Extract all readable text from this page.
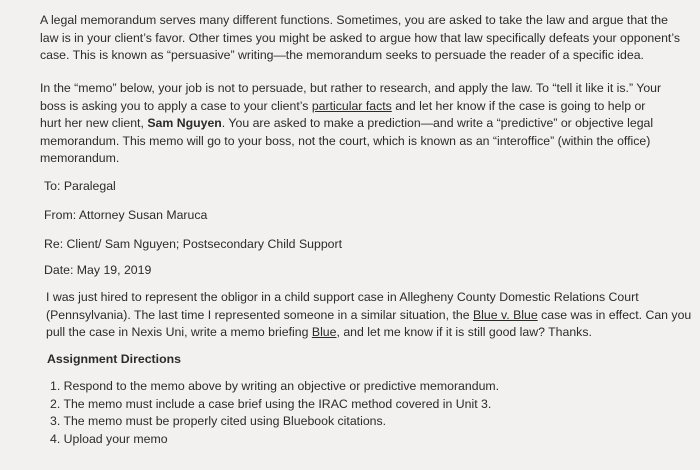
A legal memorandum serves many different functions. Sometimes, you are asked to take the law and argue that the
law is in your client’s favor. Other times you might be asked to argue how that law specifically defeats your opponent’s
case. This is known as “persuasive” writing—the memorandum seeks to persuade the reader of a specific idea.

In the “memo” below, your job is not to persuade, but rather to research, and apply the law. To “tell it like it is.” Your
boss is asking you to apply a case to your client’s particular facts and let her know if the case is going to help or
hurt her new client, Sam Nguyen. You are asked to make a prediction—and write a “predictive” or objective legal
memorandum. This memo will go to your boss, not the court, which is known as an “interoffice” (within the office)
memorandum.

To: Paralegal

From: Attorney Susan Maruca

Re: Client/ Sam Nguyen; Postsecondary Child Support

Date: May 19, 2019

I was just hired to represent the obligor in a child support case in Allegheny County Domestic Relations Court
(Pennsylvania). The last time I represented someone in a similar situation, the Blue v. Blue case was in effect. Can you
pull the case in Nexis Uni, write a memo briefing Blue, and let me know if it is still good law? Thanks.

Assignment Directions

1. Respond to the memo above by writing an objective or predictive memorandum.
2. The memo must include a case brief using the IRAC method covered in Unit 3.
3. The memo must be properly cited using Bluebook citations.
4. Upload your memo
